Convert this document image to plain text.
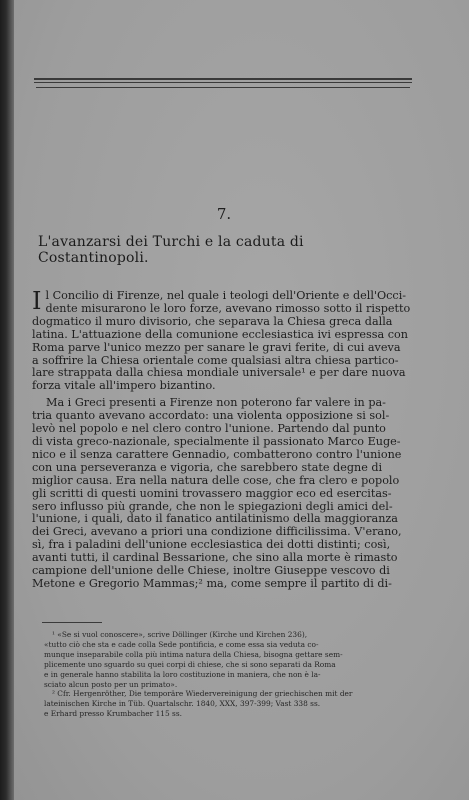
7.
L'avanzarsi dei Turchi e la caduta di Costantinopoli.
I l Concilio di Firenze, nel quale i teologi dell'Oriente e dell'Occi-
dente misurarono le loro forze, avevano rimosso sotto il rispetto
dogmatico il muro divisorio, che separava la Chiesa greca dalla
latina. L'attuazione della comunione ecclesiastica ivi espressa con
Roma parve l'unico mezzo per sanare le gravi ferite, di cui aveva
a soffrire la Chiesa orientale come qualsiasi altra chiesa partico-
lare strappata dalla chiesa mondiale universale¹ e per dare nuova
forza vitale all'impero bizantino.
Ma i Greci presenti a Firenze non poterono far valere in pa-
tria quanto avevano accordato: una violenta opposizione si sol-
levò nel popolo e nel clero contro l'unione. Partendo dal punto
di vista greco-nazionale, specialmente il passionato Marco Euge-
nico e il senza carattere Gennadio, combatterono contro l'unione
con una perseveranza e vigoria, che sarebbero state degne di
miglior causa. Era nella natura delle cose, che fra clero e popolo
gli scritti di questi uomini trovassero maggior eco ed esercitas-
sero influsso più grande, che non le spiegazioni degli amici del-
l'unione, i quali, dato il fanatico antilatinismo della maggioranza
dei Greci, avevano a priori una condizione difficilissima. V'erano,
sì, fra i paladini dell'unione ecclesiastica dei dotti distinti; così,
avanti tutti, il cardinal Bessarione, che sino alla morte è rimasto
campione dell'unione delle Chiese, inoltre Giuseppe vescovo di
Metone e Gregorio Mammas;² ma, come sempre il partito di di-
¹ «Se si vuol conoscere», scrive Döllinger (Kirche und Kirchen 236),
«tutto ciò che sta e cade colla Sede pontificia, e come essa sia veduta co-
munque inseparabile colla più intima natura della Chiesa, bisogna gettare sem-
plicemente uno sguardo su quei corpi di chiese, che si sono separati da Roma
e in generale hanno stabilita la loro costituzione in maniera, che non è la-
sciato alcun posto per un primato».
² Cfr. Hergenröther, Die temporäre Wiedervereinigung der griechischen mit der
lateinischen Kirche in Tüb. Quartalschr. 1840, XXX, 397-399; Vast 338 ss.
e Erhard presso Krumbacher 115 ss.
